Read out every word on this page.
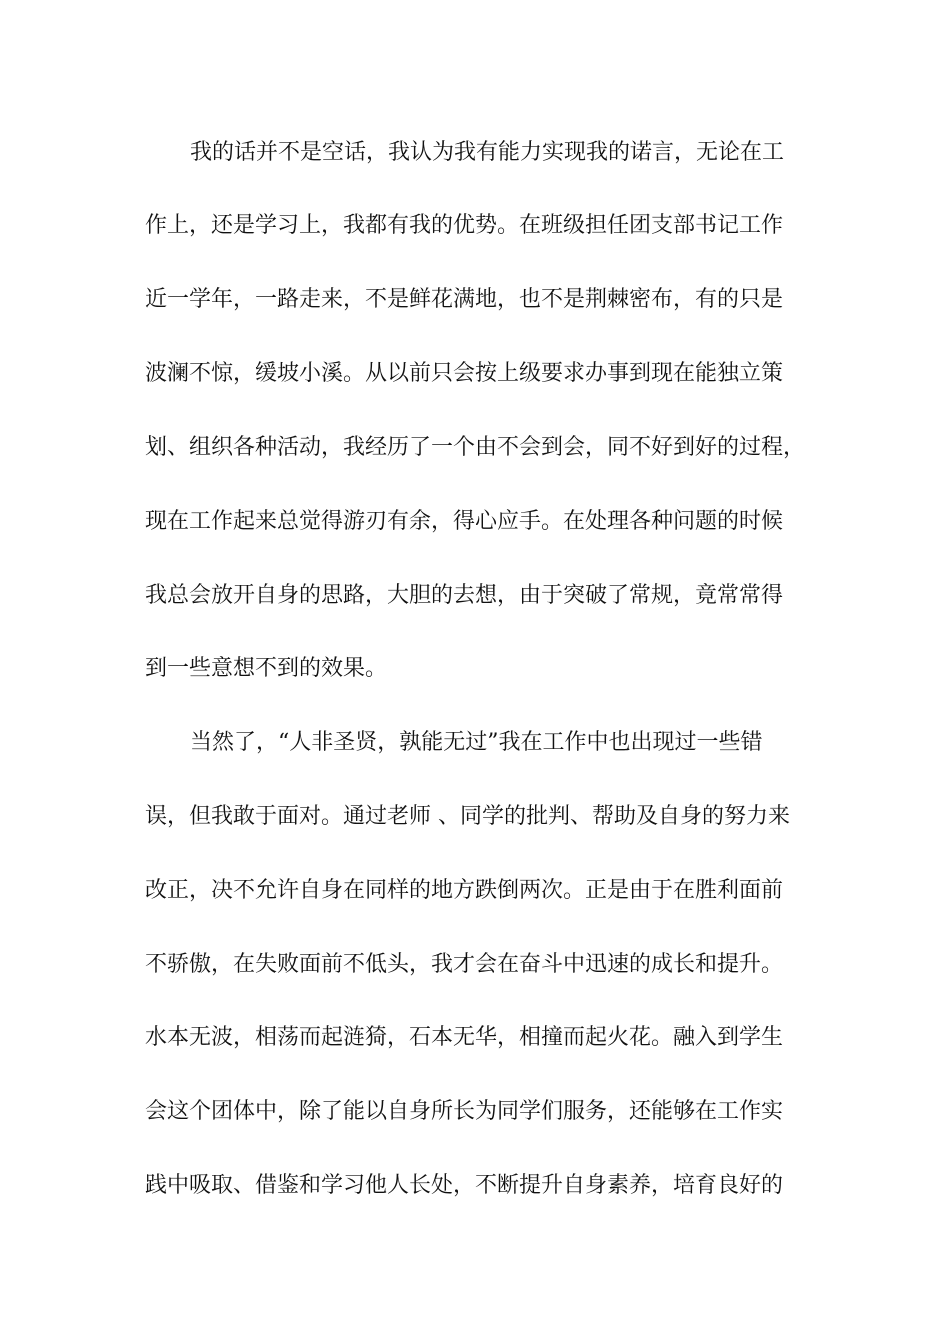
我的话并不是空话，我认为我有能力实现我的诺言，无论在工
作上，还是学习上，我都有我的优势。在班级担任团支部书记工作
近一学年，一路走来，不是鲜花满地，也不是荆棘密布，有的只是
波澜不惊，缓坡小溪。从以前只会按上级要求办事到现在能独立策
划、组织各种活动，我经历了一个由不会到会，同不好到好的过程，
现在工作起来总觉得游刃有余，得心应手。在处理各种问题的时候
我总会放开自身的思路，大胆的去想，由于突破了常规，竟常常得
到一些意想不到的效果。
当然了，“人非圣贤，孰能无过”我在工作中也出现过一些错
误，但我敢于面对。通过老师 、同学的批判、帮助及自身的努力来
改正，决不允许自身在同样的地方跌倒两次。正是由于在胜利面前
不骄傲，在失败面前不低头，我才会在奋斗中迅速的成长和提升。
水本无波，相荡而起涟猗，石本无华，相撞而起火花。融入到学生
会这个团体中，除了能以自身所长为同学们服务，还能够在工作实
践中吸取、借鉴和学习他人长处，不断提升自身素养，培育良好的
